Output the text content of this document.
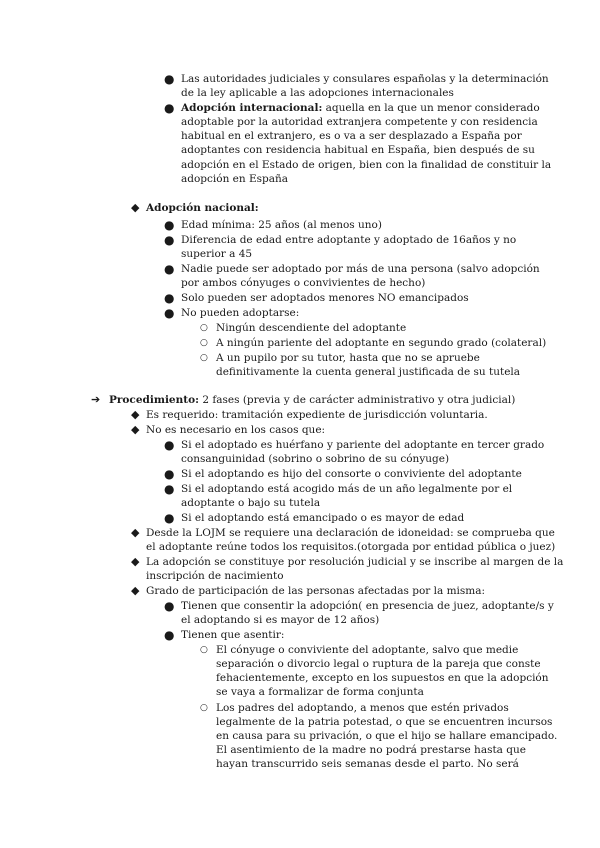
● Las autoridades judiciales y consulares españolas y la determinación
de la ley aplicable a las adopciones internacionales
● Adopción internacional: aquella en la que un menor considerado
adoptable por la autoridad extranjera competente y con residencia
habitual en el extranjero, es o va a ser desplazado a España por
adoptantes con residencia habitual en España, bien después de su
adopción en el Estado de origen, bien con la finalidad de constituir la
adopción en España
◆ Adopción nacional:
● Edad mínima: 25 años (al menos uno)
● Diferencia de edad entre adoptante y adoptado de 16años y no
superior a 45
● Nadie puede ser adoptado por más de una persona (salvo adopción
por ambos cónyuges o convivientes de hecho)
● Solo pueden ser adoptados menores NO emancipados
● No pueden adoptarse:
○ Ningún descendiente del adoptante
○ A ningún pariente del adoptante en segundo grado (colateral)
○ A un pupilo por su tutor, hasta que no se apruebe
definitivamente la cuenta general justificada de su tutela
➔ Procedimiento: 2 fases (previa y de carácter administrativo y otra judicial)
◆ Es requerido: tramitación expediente de jurisdicción voluntaria.
◆ No es necesario en los casos que:
● Si el adoptado es huérfano y pariente del adoptante en tercer grado
consanguinidad (sobrino o sobrino de su cónyuge)
● Si el adoptando es hijo del consorte o conviviente del adoptante
● Si el adoptando está acogido más de un año legalmente por el
adoptante o bajo su tutela
● Si el adoptando está emancipado o es mayor de edad
◆ Desde la LOJM se requiere una declaración de idoneidad: se comprueba que
el adoptante reúne todos los requisitos.(otorgada por entidad pública o juez)
◆ La adopción se constituye por resolución judicial y se inscribe al margen de la
inscripción de nacimiento
◆ Grado de participación de las personas afectadas por la misma:
● Tienen que consentir la adopción( en presencia de juez, adoptante/s y
el adoptando si es mayor de 12 años)
● Tienen que asentir:
○ El cónyuge o conviviente del adoptante, salvo que medie
separación o divorcio legal o ruptura de la pareja que conste
fehacientemente, excepto en los supuestos en que la adopción
se vaya a formalizar de forma conjunta
○ Los padres del adoptando, a menos que estén privados
legalmente de la patria potestad, o que se encuentren incursos
en causa para su privación, o que el hijo se hallare emancipado.
El asentimiento de la madre no podrá prestarse hasta que
hayan transcurrido seis semanas desde el parto. No será
